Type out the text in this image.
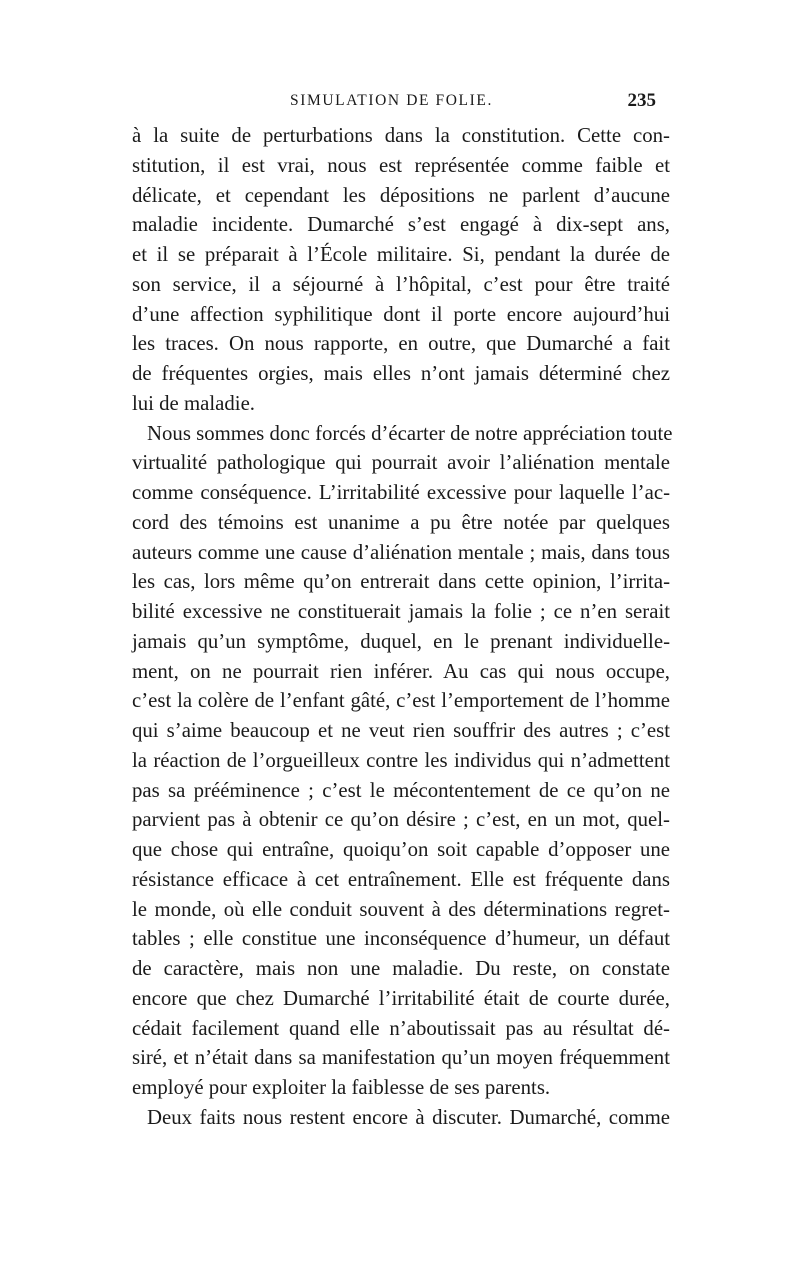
SIMULATION DE FOLIE.	235
à la suite de perturbations dans la constitution. Cette con-
stitution, il est vrai, nous est représentée comme faible et
délicate, et cependant les dépositions ne parlent d’aucune
maladie incidente. Dumarché s’est engagé à dix-sept ans,
et il se préparait à l’École militaire. Si, pendant la durée de
son service, il a séjourné à l’hôpital, c’est pour être traité
d’une affection syphilitique dont il porte encore aujourd’hui
les traces. On nous rapporte, en outre, que Dumarché a fait
de fréquentes orgies, mais elles n’ont jamais déterminé chez
lui de maladie.
Nous sommes donc forcés d’écarter de notre appréciation toute
virtualité pathologique qui pourrait avoir l’aliénation mentale
comme conséquence. L’irritabilité excessive pour laquelle l’ac-
cord des témoins est unanime a pu être notée par quelques
auteurs comme une cause d’aliénation mentale ; mais, dans tous
les cas, lors même qu’on entrerait dans cette opinion, l’irrita-
bilité excessive ne constituerait jamais la folie ; ce n’en serait
jamais qu’un symptôme, duquel, en le prenant individuelle-
ment, on ne pourrait rien inférer. Au cas qui nous occupe,
c’est la colère de l’enfant gâté, c’est l’emportement de l’homme
qui s’aime beaucoup et ne veut rien souffrir des autres ; c’est
la réaction de l’orgueilleux contre les individus qui n’admettent
pas sa prééminence ; c’est le mécontentement de ce qu’on ne
parvient pas à obtenir ce qu’on désire ; c’est, en un mot, quel-
que chose qui entraîne, quoiqu’on soit capable d’opposer une
résistance efficace à cet entraînement. Elle est fréquente dans
le monde, où elle conduit souvent à des déterminations regret-
tables ; elle constitue une inconséquence d’humeur, un défaut
de caractère, mais non une maladie. Du reste, on constate
encore que chez Dumarché l’irritabilité était de courte durée,
cédait facilement quand elle n’aboutissait pas au résultat dé-
siré, et n’était dans sa manifestation qu’un moyen fréquemment
employé pour exploiter la faiblesse de ses parents.
Deux faits nous restent encore à discuter. Dumarché, comme
